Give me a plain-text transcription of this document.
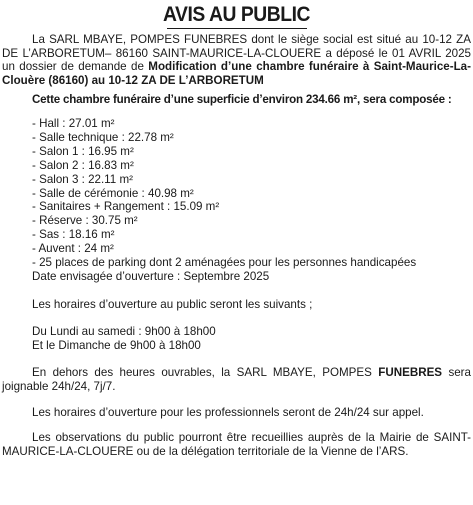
AVIS AU PUBLIC

La SARL MBAYE, POMPES FUNEBRES dont le siège social est situé au 10-12 ZA DE L’ARBORETUM– 86160 SAINT-MAURICE-LA-CLOUERE a déposé le 01 AVRIL 2025 un dossier de demande de Modification d’une chambre funéraire à Saint-Maurice-La-Clouère (86160) au 10-12 ZA DE L’ARBORETUM

Cette chambre funéraire d’une superficie d’environ 234.66 m², sera composée :

- Hall : 27.01 m²
- Salle technique : 22.78 m²
- Salon 1 : 16.95 m²
- Salon 2 : 16.83 m²
- Salon 3 : 22.11 m²
- Salle de cérémonie : 40.98 m²
- Sanitaires + Rangement : 15.09 m²
- Réserve : 30.75 m²
- Sas : 18.16 m²
- Auvent : 24 m²
- 25 places de parking dont 2 aménagées pour les personnes handicapées

Date envisagée d’ouverture : Septembre 2025

Les horaires d’ouverture au public seront les suivants ;

Du Lundi au samedi : 9h00 à 18h00

Et le Dimanche de 9h00 à 18h00

En dehors des heures ouvrables, la SARL MBAYE, POMPES FUNEBRES sera joignable 24h/24, 7j/7.

Les horaires d’ouverture pour les professionnels seront de 24h/24 sur appel.

Les observations du public pourront être recueillies auprès de la Mairie de SAINT-MAURICE-LA-CLOUERE ou de la délégation territoriale de la Vienne de l’ARS.
